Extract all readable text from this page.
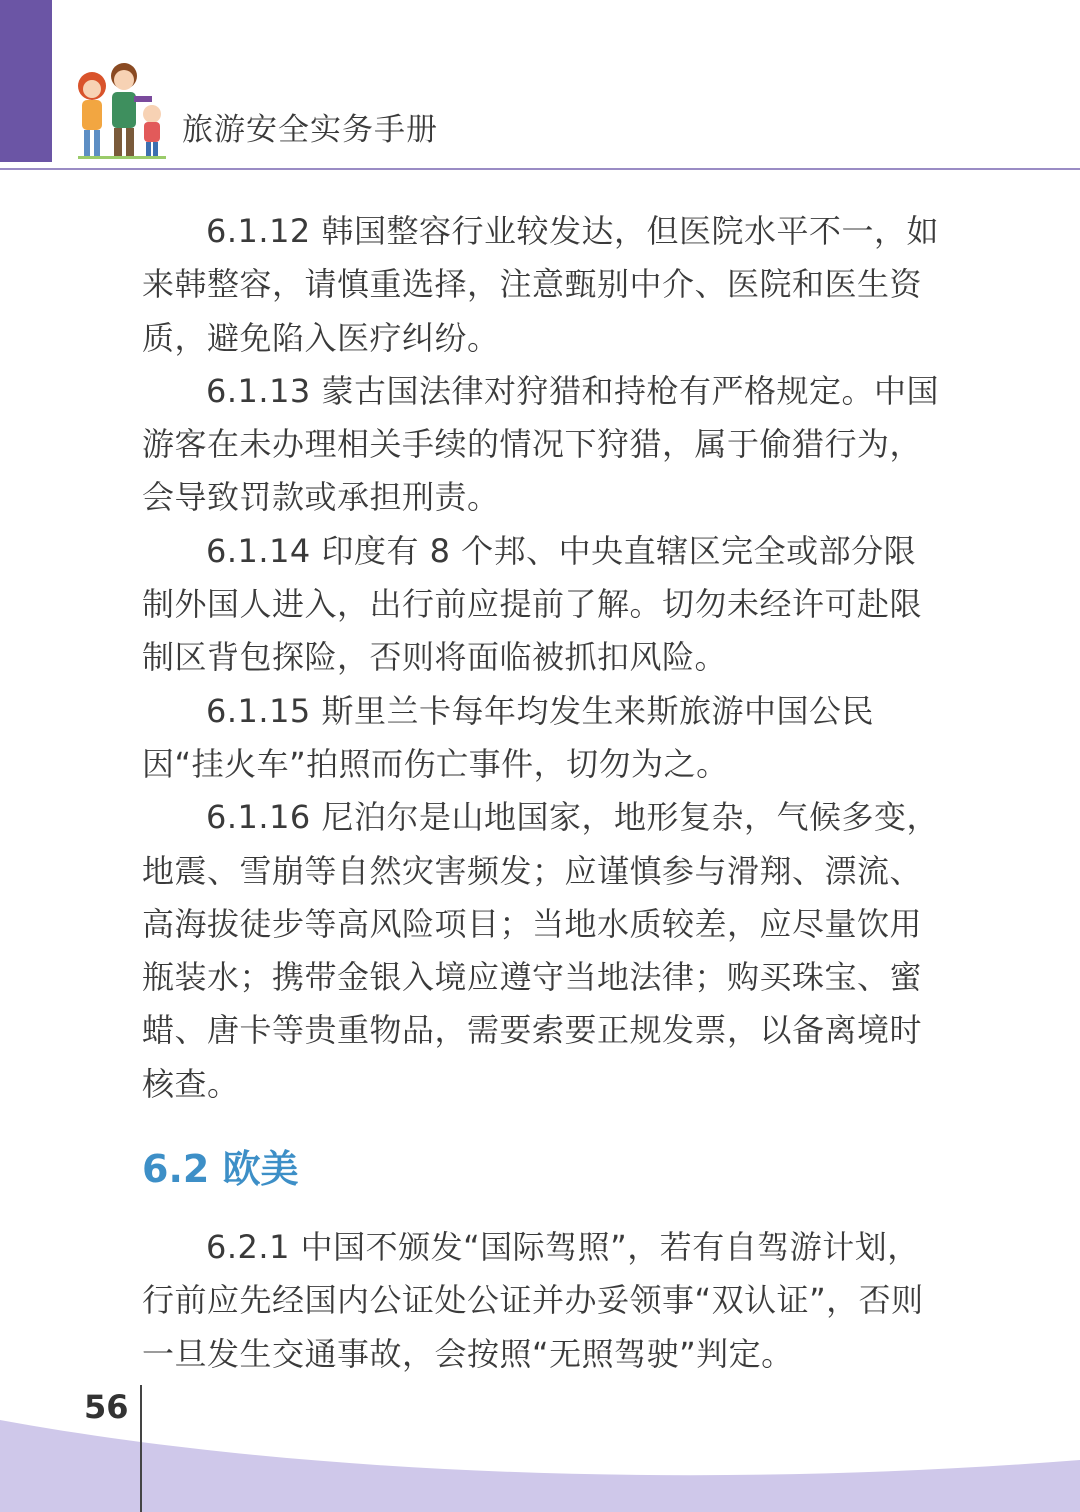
旅游安全实务手册

6.1.12 韩国整容行业较发达，但医院水平不一，如来韩整容，请慎重选择，注意甄别中介、医院和医生资质，避免陷入医疗纠纷。

6.1.13 蒙古国法律对狩猎和持枪有严格规定。中国游客在未办理相关手续的情况下狩猎，属于偷猎行为，会导致罚款或承担刑责。

6.1.14 印度有 8 个邦、中央直辖区完全或部分限制外国人进入，出行前应提前了解。切勿未经许可赴限制区背包探险，否则将面临被抓扣风险。

6.1.15 斯里兰卡每年均发生来斯旅游中国公民因“挂火车”拍照而伤亡事件，切勿为之。

6.1.16 尼泊尔是山地国家，地形复杂，气候多变，地震、雪崩等自然灾害频发；应谨慎参与滑翔、漂流、高海拔徒步等高风险项目；当地水质较差，应尽量饮用瓶装水；携带金银入境应遵守当地法律；购买珠宝、蜜蜡、唐卡等贵重物品，需要索要正规发票，以备离境时核查。

6.2 欧美

6.2.1 中国不颁发“国际驾照”，若有自驾游计划，行前应先经国内公证处公证并办妥领事“双认证”，否则一旦发生交通事故，会按照“无照驾驶”判定。

56
